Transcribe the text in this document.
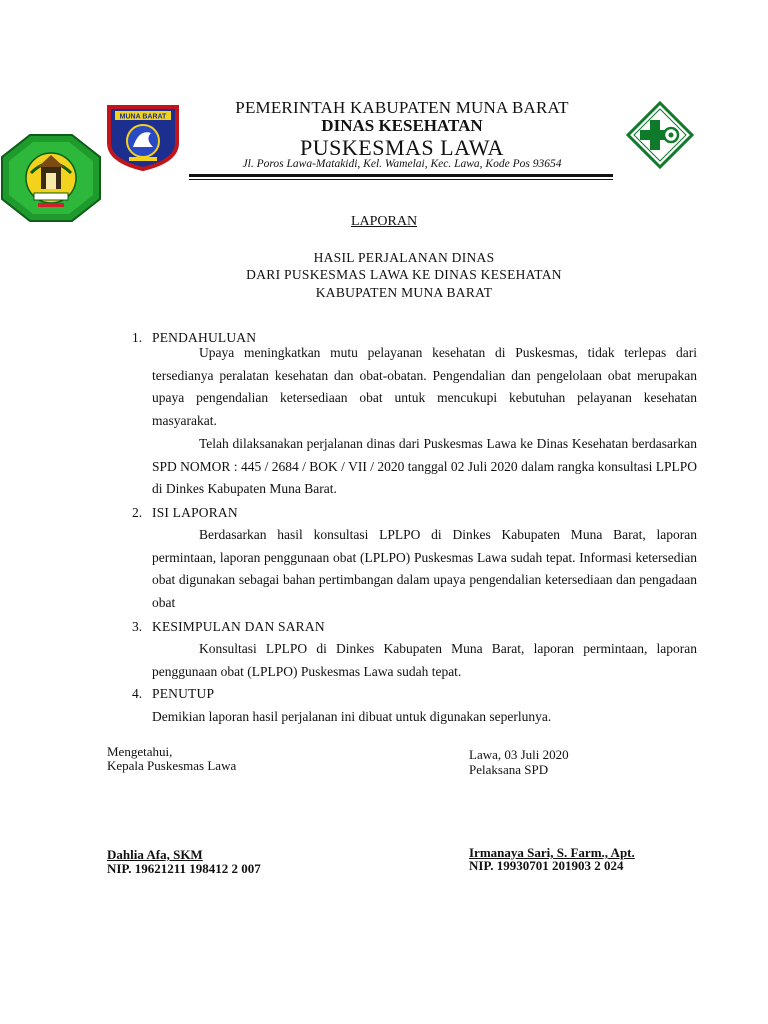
MUNA BARAT	PEMERINTAH KABUPATEN MUNA BARAT
DINAS KESEHATAN
PUSKESMAS LAWA
Jl. Poros Lawa-Matakidi, Kel. Wamelai, Kec. Lawa, Kode Pos 93654
LAPORAN
HASIL PERJALANAN DINAS
DARI PUSKESMAS LAWA KE DINAS KESEHATAN
KABUPATEN MUNA BARAT
1. PENDAHULUAN

Upaya meningkatkan mutu pelayanan kesehatan di Puskesmas, tidak terlepas dari tersedianya peralatan kesehatan dan obat-obatan. Pengendalian dan pengelolaan obat merupakan upaya pengendalian ketersediaan obat untuk mencukupi kebutuhan pelayanan kesehatan masyarakat.

Telah dilaksanakan perjalanan dinas dari Puskesmas Lawa ke Dinas Kesehatan berdasarkan SPD NOMOR : 445 / 2684 / BOK / VII / 2020 tanggal 02 Juli 2020 dalam rangka konsultasi LPLPO di Dinkes Kabupaten Muna Barat.

2. ISI LAPORAN

Berdasarkan hasil konsultasi LPLPO di Dinkes Kabupaten Muna Barat, laporan permintaan, laporan penggunaan obat (LPLPO) Puskesmas Lawa sudah tepat. Informasi ketersedian obat digunakan sebagai bahan pertimbangan dalam upaya pengendalian ketersediaan dan pengadaan obat

3. KESIMPULAN DAN SARAN

Konsultasi LPLPO di Dinkes Kabupaten Muna Barat, laporan permintaan, laporan penggunaan obat (LPLPO) Puskesmas Lawa sudah tepat.

4. PENUTUP
Demikian laporan hasil perjalanan ini dibuat untuk digunakan seperlunya.
Mengetahui,
Kepala Puskesmas Lawa
Dahlia Afa, SKM
NIP. 19621211 198412 2 007
Lawa, 03 Juli 2020
Pelaksana SPD
Irmanaya Sari, S. Farm., Apt.
NIP. 19930701 201903 2 024
